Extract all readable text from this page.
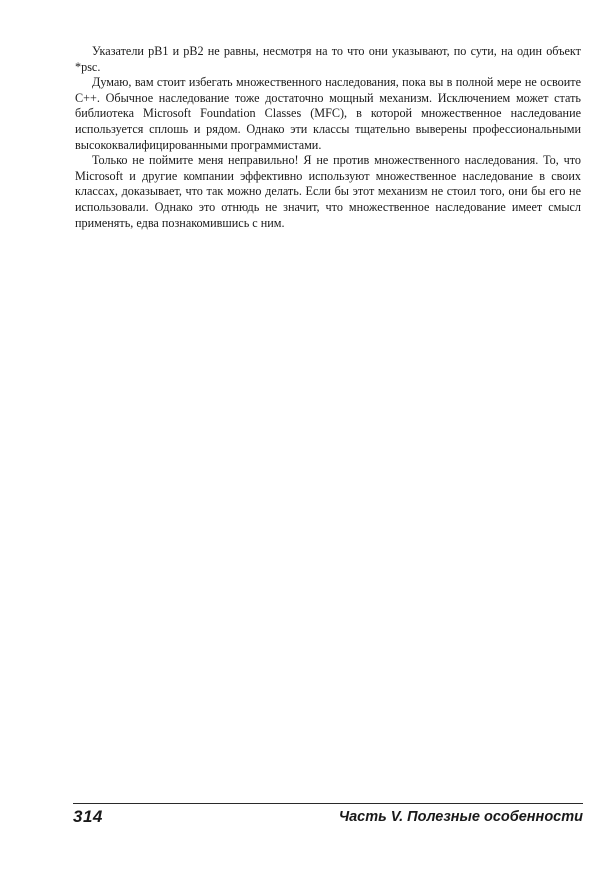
Указатели pB1 и pB2 не равны, несмотря на то что они указывают, по сути, на один объект *psc.

Думаю, вам стоит избегать множественного наследования, пока вы в полной мере не освоите C++. Обычное наследование тоже достаточно мощный механизм. Исключением может стать библиотека Microsoft Foundation Classes (MFC), в которой множественное наследование используется сплошь и рядом. Однако эти классы тщательно выверены профессиональными высококвалифицированными программистами.

Только не поймите меня неправильно! Я не против множественного наследования. То, что Microsoft и другие компании эффективно используют множественное наследование в своих классах, доказывает, что так можно делать. Если бы этот механизм не стоил того, они бы его не использовали. Однако это отнюдь не значит, что множественное наследование имеет смысл применять, едва познакомившись с ним.

314	Часть V. Полезные особенности
